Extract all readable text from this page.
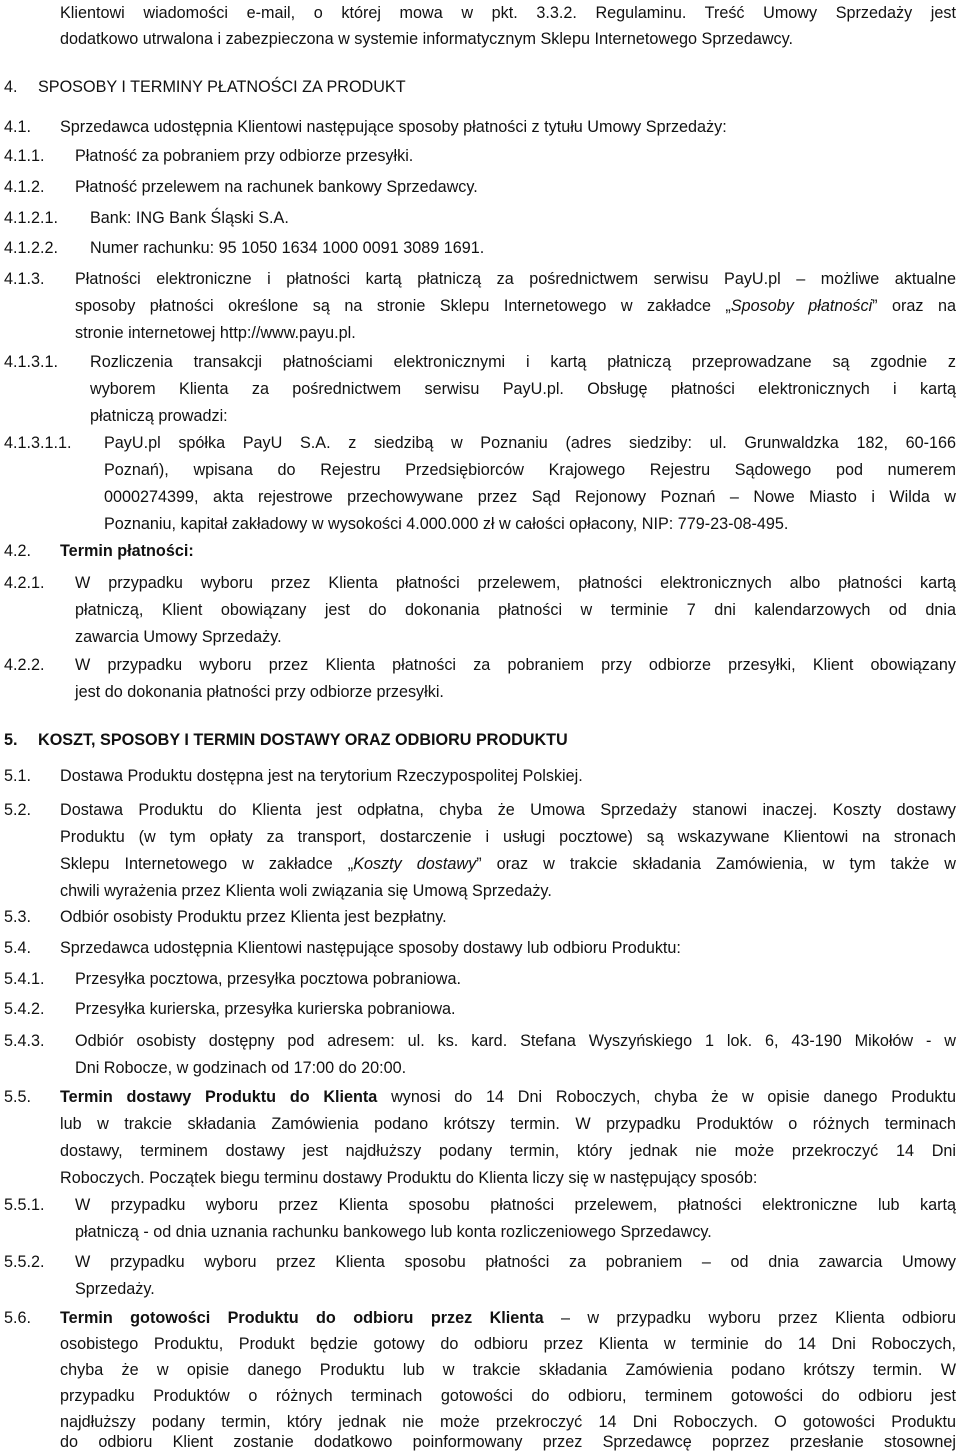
Klientowi wiadomości e-mail, o której mowa w pkt. 3.3.2. Regulaminu. Treść Umowy Sprzedaży jest
dodatkowo utrwalona i zabezpieczona w systemie informatycznym Sklepu Internetowego Sprzedawcy.
4. SPOSOBY I TERMINY PŁATNOŚCI ZA PRODUKT
4.1. Sprzedawca udostępnia Klientowi następujące sposoby płatności z tytułu Umowy Sprzedaży:
4.1.1. Płatność za pobraniem przy odbiorze przesyłki.
4.1.2. Płatność przelewem na rachunek bankowy Sprzedawcy.
4.1.2.1. Bank: ING Bank Śląski S.A.
4.1.2.2. Numer rachunku: 95 1050 1634 1000 0091 3089 1691.
4.1.3. Płatności elektroniczne i płatności kartą płatniczą za pośrednictwem serwisu PayU.pl – możliwe aktualne
sposoby płatności określone są na stronie Sklepu Internetowego w zakładce „Sposoby płatności” oraz na
stronie internetowej http://www.payu.pl.
4.1.3.1. Rozliczenia transakcji płatnościami elektronicznymi i kartą płatniczą przeprowadzane są zgodnie z
wyborem Klienta za pośrednictwem serwisu PayU.pl. Obsługę płatności elektronicznych i kartą
płatniczą prowadzi:
4.1.3.1.1. PayU.pl spółka PayU S.A. z siedzibą w Poznaniu (adres siedziby: ul. Grunwaldzka 182, 60-166
Poznań), wpisana do Rejestru Przedsiębiorców Krajowego Rejestru Sądowego pod numerem
0000274399, akta rejestrowe przechowywane przez Sąd Rejonowy Poznań – Nowe Miasto i Wilda w
Poznaniu, kapitał zakładowy w wysokości 4.000.000 zł w całości opłacony, NIP: 779-23-08-495.
4.2. Termin płatności:
4.2.1. W przypadku wyboru przez Klienta płatności przelewem, płatności elektronicznych albo płatności kartą
płatniczą, Klient obowiązany jest do dokonania płatności w terminie 7 dni kalendarzowych od dnia
zawarcia Umowy Sprzedaży.
4.2.2. W przypadku wyboru przez Klienta płatności za pobraniem przy odbiorze przesyłki, Klient obowiązany
jest do dokonania płatności przy odbiorze przesyłki.
5. KOSZT, SPOSOBY I TERMIN DOSTAWY ORAZ ODBIORU PRODUKTU
5.1. Dostawa Produktu dostępna jest na terytorium Rzeczypospolitej Polskiej.
5.2. Dostawa Produktu do Klienta jest odpłatna, chyba że Umowa Sprzedaży stanowi inaczej. Koszty dostawy
Produktu (w tym opłaty za transport, dostarczenie i usługi pocztowe) są wskazywane Klientowi na stronach
Sklepu Internetowego w zakładce „Koszty dostawy” oraz w trakcie składania Zamówienia, w tym także w
chwili wyrażenia przez Klienta woli związania się Umową Sprzedaży.
5.3. Odbiór osobisty Produktu przez Klienta jest bezpłatny.
5.4. Sprzedawca udostępnia Klientowi następujące sposoby dostawy lub odbioru Produktu:
5.4.1. Przesyłka pocztowa, przesyłka pocztowa pobraniowa.
5.4.2. Przesyłka kurierska, przesyłka kurierska pobraniowa.
5.4.3. Odbiór osobisty dostępny pod adresem: ul. ks. kard. Stefana Wyszyńskiego 1 lok. 6, 43-190 Mikołów - w
Dni Robocze, w godzinach od 17:00 do 20:00.
5.5. Termin dostawy Produktu do Klienta wynosi do 14 Dni Roboczych, chyba że w opisie danego Produktu
lub w trakcie składania Zamówienia podano krótszy termin. W przypadku Produktów o różnych terminach
dostawy, terminem dostawy jest najdłuższy podany termin, który jednak nie może przekroczyć 14 Dni
Roboczych. Początek biegu terminu dostawy Produktu do Klienta liczy się w następujący sposób:
5.5.1. W przypadku wyboru przez Klienta sposobu płatności przelewem, płatności elektroniczne lub kartą
płatniczą - od dnia uznania rachunku bankowego lub konta rozliczeniowego Sprzedawcy.
5.5.2. W przypadku wyboru przez Klienta sposobu płatności za pobraniem – od dnia zawarcia Umowy
Sprzedaży.
5.6. Termin gotowości Produktu do odbioru przez Klienta – w przypadku wyboru przez Klienta odbioru
osobistego Produktu, Produkt będzie gotowy do odbioru przez Klienta w terminie do 14 Dni Roboczych,
chyba że w opisie danego Produktu lub w trakcie składania Zamówienia podano krótszy termin. W
przypadku Produktów o różnych terminach gotowości do odbioru, terminem gotowości do odbioru jest
najdłuższy podany termin, który jednak nie może przekroczyć 14 Dni Roboczych. O gotowości Produktu
do odbioru Klient zostanie dodatkowo poinformowany przez Sprzedawcę poprzez przesłanie stosownej
